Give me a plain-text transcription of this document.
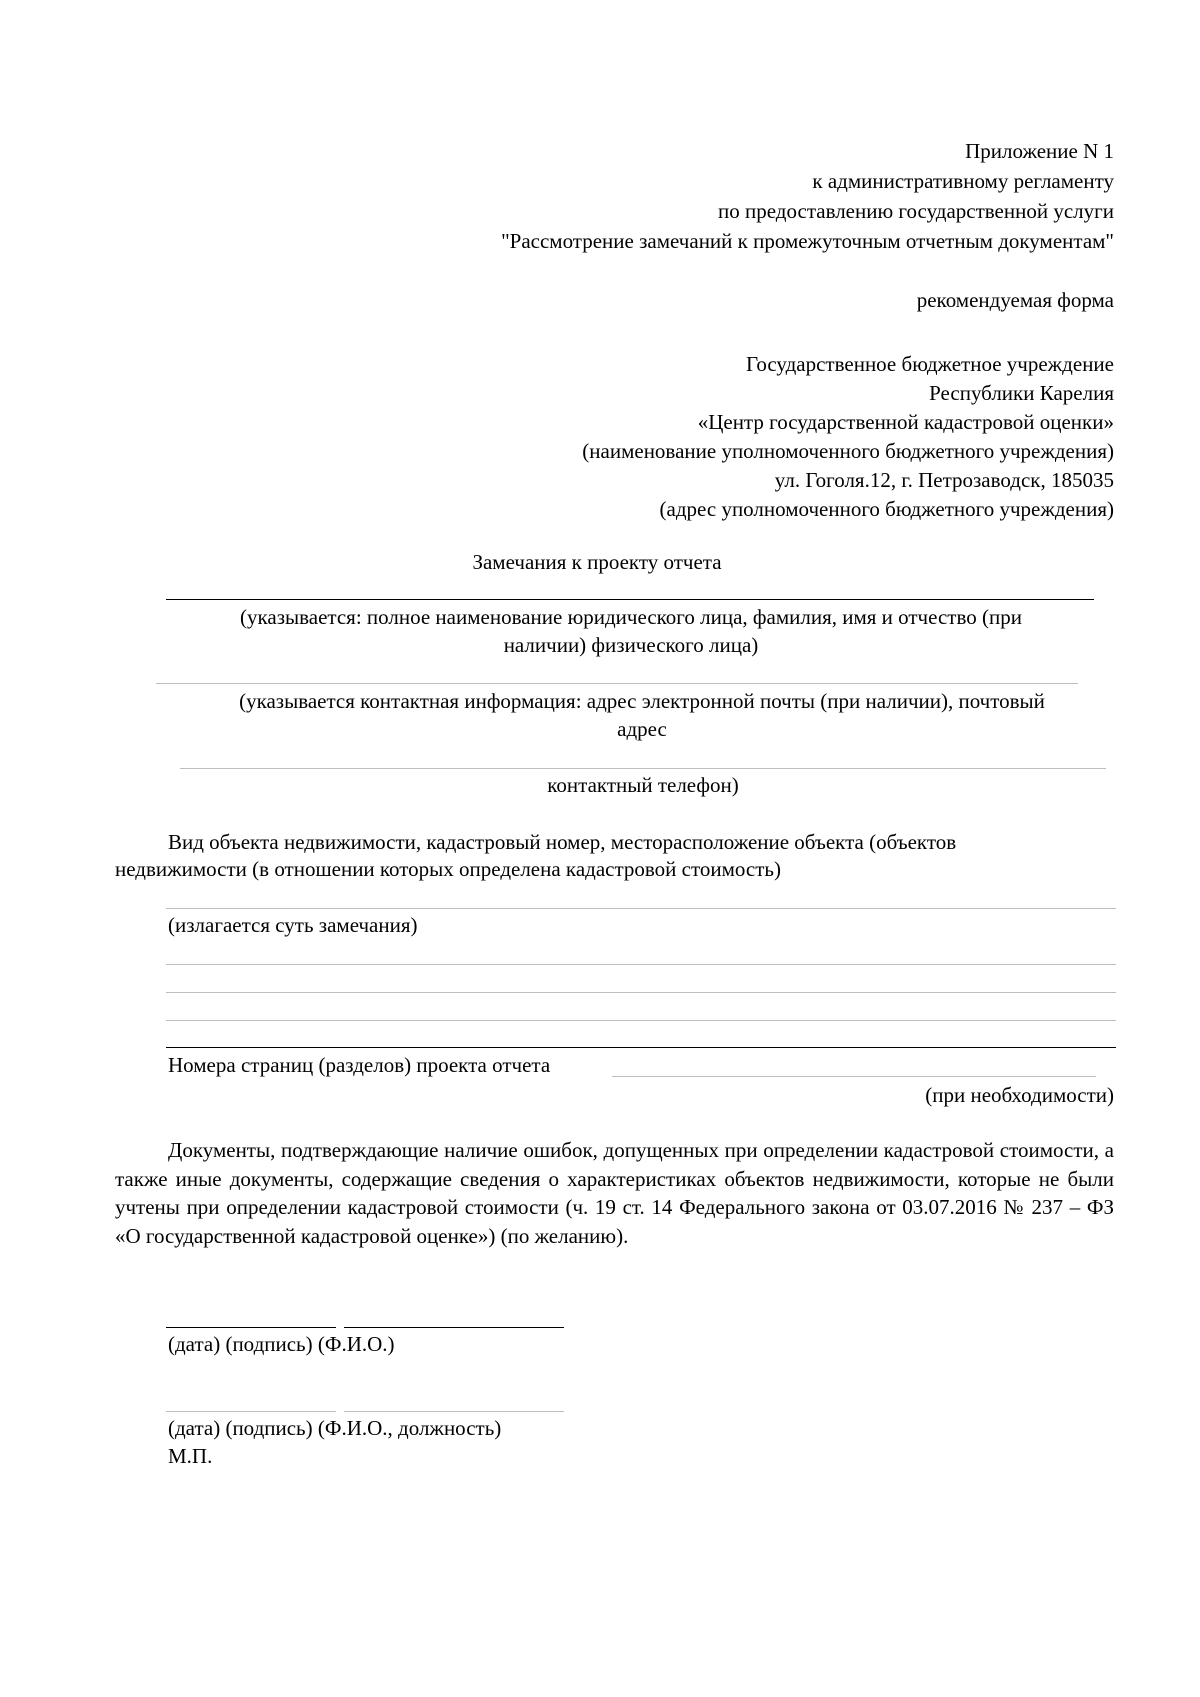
Приложение N 1
к административному регламенту
по предоставлению государственной услуги
"Рассмотрение замечаний к промежуточным отчетным документам"
рекомендуемая форма
Государственное бюджетное учреждение
Республики Карелия
«Центр государственной кадастровой оценки»
(наименование уполномоченного бюджетного учреждения)
ул. Гоголя.12, г. Петрозаводск, 185035
(адрес уполномоченного бюджетного учреждения)
Замечания к проекту отчета
(указывается: полное наименование юридического лица, фамилия, имя и отчество (при
наличии) физического лица)
(указывается контактная информация: адрес электронной почты (при наличии), почтовый
адрес
контактный телефон)
Вид объекта недвижимости, кадастровый номер, месторасположение объекта (объектов
недвижимости (в отношении которых определена кадастровой стоимость)
(излагается суть замечания)
Номера страниц (разделов) проекта отчета
(при необходимости)
Документы, подтверждающие наличие ошибок, допущенных при определении кадастровой стоимости, а также иные документы, содержащие сведения о характеристиках объектов недвижимости, которые не были учтены при определении кадастровой стоимости (ч. 19 ст. 14 Федерального закона от 03.07.2016 № 237 – ФЗ «О государственной кадастровой оценке») (по желанию).
(дата) (подпись) (Ф.И.О.)
(дата) (подпись) (Ф.И.О., должность)
М.П.
